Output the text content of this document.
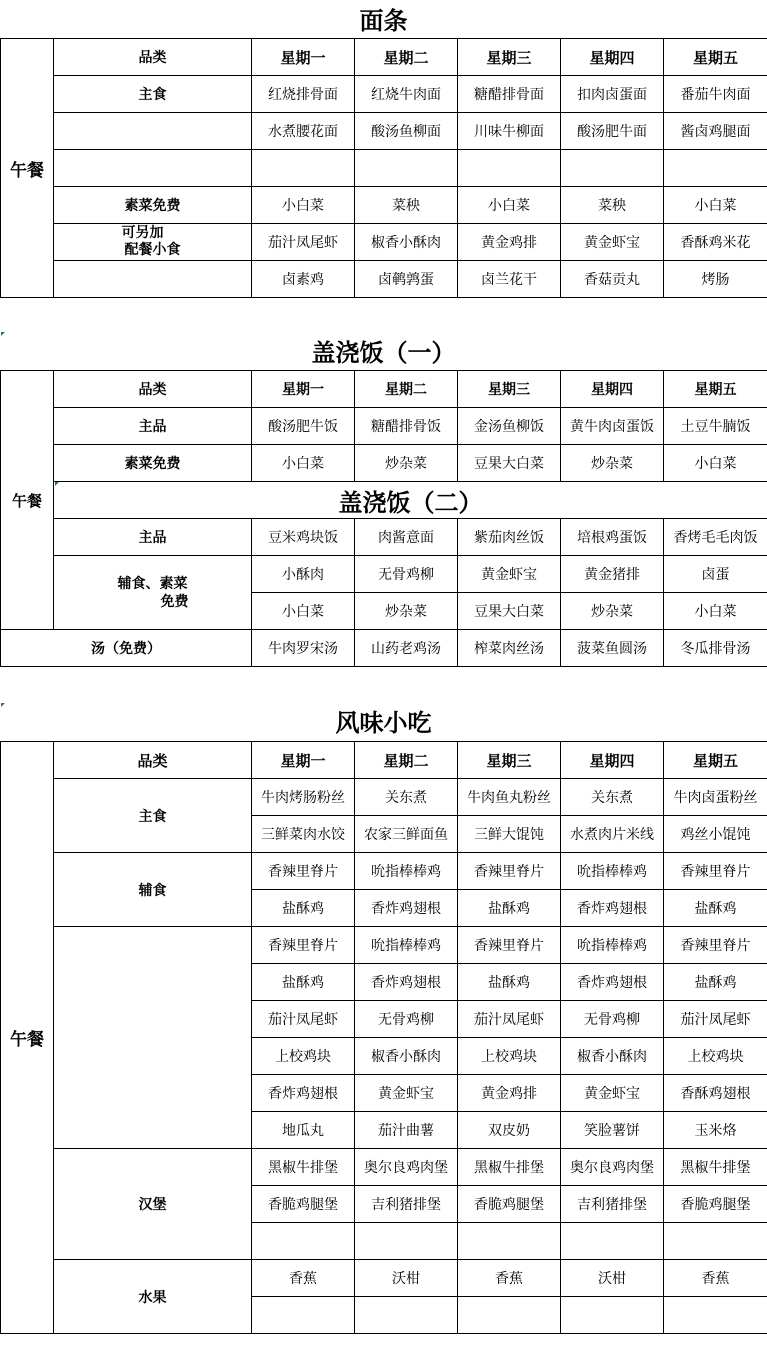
面条
午餐	品类	星期一	星期二	星期三	星期四	星期五
	主食	红烧排骨面	红烧牛肉面	糖醋排骨面	扣肉卤蛋面	番茄牛肉面
		水煮腰花面	酸汤鱼柳面	川味牛柳面	酸汤肥牛面	酱卤鸡腿面

	素菜免费	小白菜	菜秧	小白菜	菜秧	小白菜

	可另加
配餐小食	茄汁凤尾虾	椒香小酥肉	黄金鸡排	黄金虾宝	香酥鸡米花
		卤素鸡	卤鹌鹑蛋	卤兰花干	香菇贡丸	烤肠
盖浇饭（一）
午餐	品类	星期一	星期二	星期三	星期四	星期五
	主品	酸汤肥牛饭	糖醋排骨饭	金汤鱼柳饭	黄牛肉卤蛋饭	土豆牛腩饭
	素菜免费	小白菜	炒杂菜	豆果大白菜	炒杂菜	小白菜
	盖浇饭（二）					
	主品	豆米鸡块饭	肉酱意面	紫茄肉丝饭	培根鸡蛋饭	香烤毛毛肉饭

	辅食、素菜
免费	小酥肉	无骨鸡柳	黄金虾宝	黄金猪排	卤蛋
		小白菜	炒杂菜	豆果大白菜	炒杂菜	小白菜
汤（免费）		牛肉罗宋汤	山药老鸡汤	榨菜肉丝汤	菠菜鱼圆汤	冬瓜排骨汤
风味小吃
午餐	品类	星期一	星期二	星期三	星期四	星期五
	主食	牛肉烤肠粉丝	关东煮	牛肉鱼丸粉丝	关东煮	牛肉卤蛋粉丝
		三鲜菜肉水饺	农家三鲜面鱼	三鲜大馄饨	水煮肉片米线	鸡丝小馄饨
	辅食	香辣里脊片	吮指棒棒鸡	香辣里脊片	吮指棒棒鸡	香辣里脊片
		盐酥鸡	香炸鸡翅根	盐酥鸡	香炸鸡翅根	盐酥鸡
		香辣里脊片	吮指棒棒鸡	香辣里脊片	吮指棒棒鸡	香辣里脊片
		盐酥鸡	香炸鸡翅根	盐酥鸡	香炸鸡翅根	盐酥鸡
		茄汁凤尾虾	无骨鸡柳	茄汁凤尾虾	无骨鸡柳	茄汁凤尾虾
		上校鸡块	椒香小酥肉	上校鸡块	椒香小酥肉	上校鸡块
		香炸鸡翅根	黄金虾宝	黄金鸡排	黄金虾宝	香酥鸡翅根
		地瓜丸	茄汁曲薯	双皮奶	笑脸薯饼	玉米烙
	汉堡	黑椒牛排堡	奥尔良鸡肉堡	黑椒牛排堡	奥尔良鸡肉堡	黑椒牛排堡
		香脆鸡腿堡	吉利猪排堡	香脆鸡腿堡	吉利猪排堡	香脆鸡腿堡

	水果	香蕉	沃柑	香蕉	沃柑	香蕉
